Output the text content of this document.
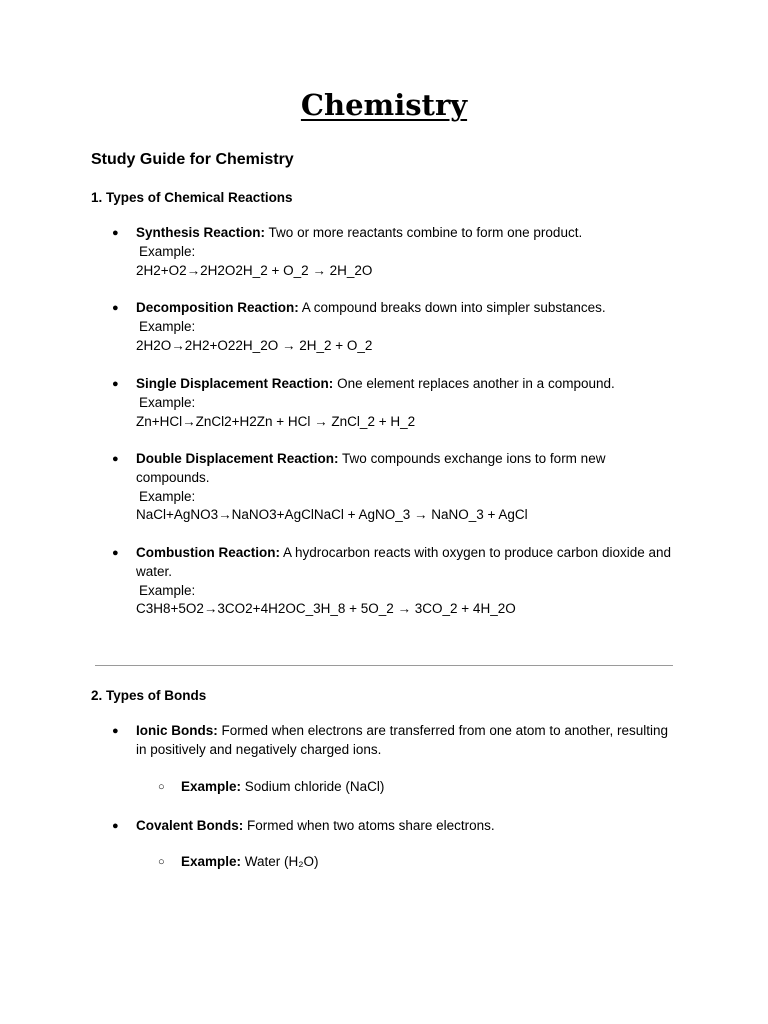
Chemistry
Study Guide for Chemistry
1. Types of Chemical Reactions
● Synthesis Reaction: Two or more reactants combine to form one product.
Example:
2H2+O2→2H2O2H_2 + O_2 → 2H_2O
● Decomposition Reaction: A compound breaks down into simpler substances.
Example:
2H2O→2H2+O22H_2O → 2H_2 + O_2
● Single Displacement Reaction: One element replaces another in a compound.
Example:
Zn+HCl→ZnCl2+H2Zn + HCl → ZnCl_2 + H_2
● Double Displacement Reaction: Two compounds exchange ions to form new compounds.
Example:
NaCl+AgNO3→NaNO3+AgClNaCl + AgNO_3 → NaNO_3 + AgCl
● Combustion Reaction: A hydrocarbon reacts with oxygen to produce carbon dioxide and water.
Example:
C3H8+5O2→3CO2+4H2OC_3H_8 + 5O_2 → 3CO_2 + 4H_2O
2. Types of Bonds
● Ionic Bonds: Formed when electrons are transferred from one atom to another, resulting in positively and negatively charged ions.
○ Example: Sodium chloride (NaCl)
● Covalent Bonds: Formed when two atoms share electrons.
○ Example: Water (H₂O)
